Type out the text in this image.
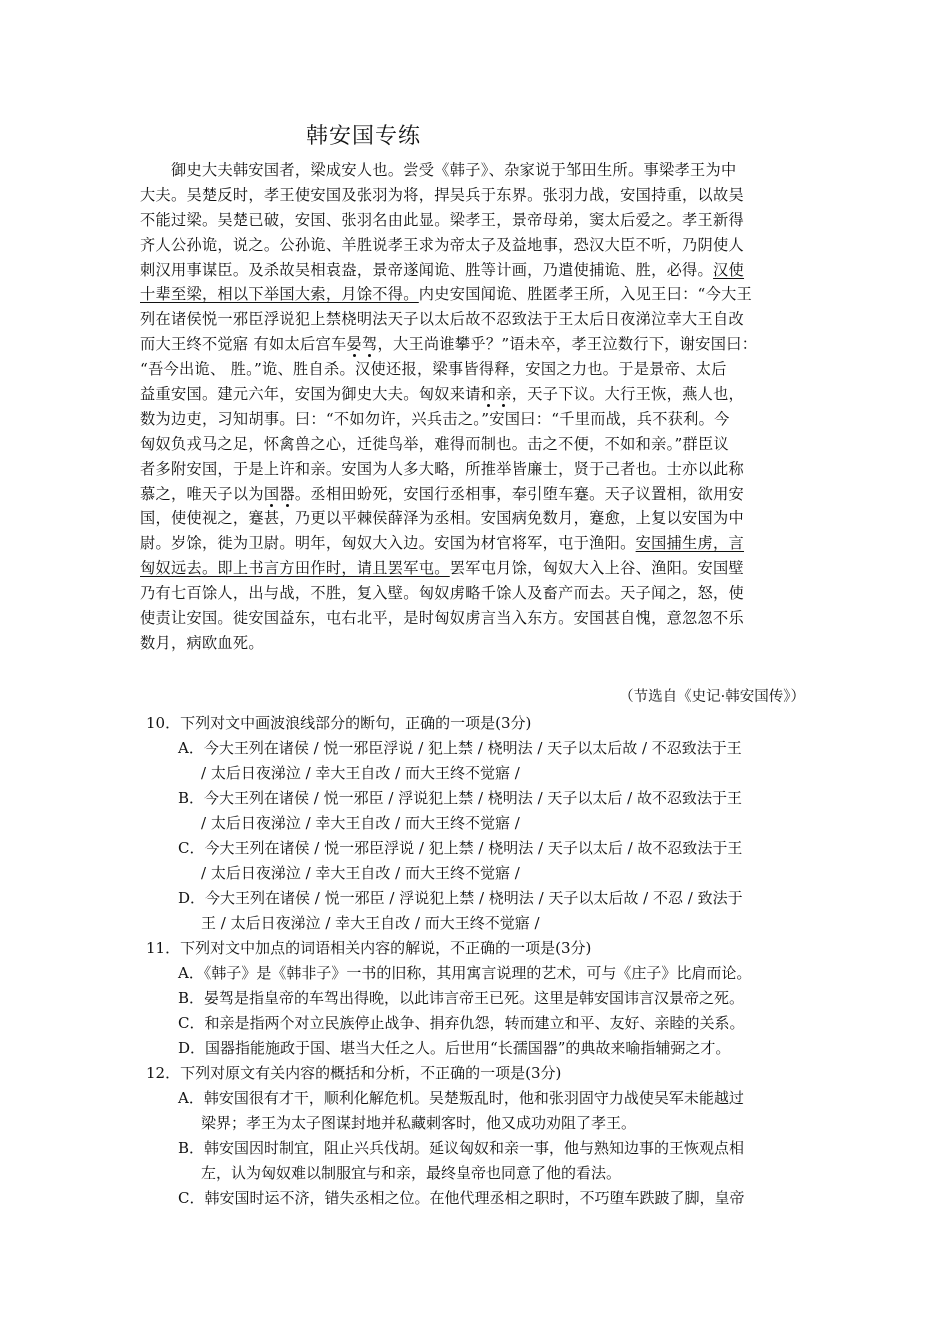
韩安国专练
御史大夫韩安国者，梁成安人也。尝受《韩子》、杂家说于邹田生所。事梁孝王为中
大夫。吴楚反时，孝王使安国及张羽为将，捍吴兵于东界。张羽力战，安国持重，以故吴
不能过梁。吴楚已破，安国、张羽名由此显。梁孝王，景帝母弟，窦太后爱之。孝王新得
齐人公孙诡，说之。公孙诡、羊胜说孝王求为帝太子及益地事，恐汉大臣不听，乃阴使人
刺汉用事谋臣。及杀故吴相袁盎，景帝遂闻诡、胜等计画，乃遣使捕诡、胜，必得。汉使
十辈至梁，相以下举国大索，月馀不得。内史安国闻诡、胜匿孝王所，入见王曰：“今大王
列在诸侯悦一邪臣浮说犯上禁桡明法天子以太后故不忍致法于王太后日夜涕泣幸大王自改
而大王终不觉寤 有如太后宫车晏驾，大王尚谁攀乎？”语未卒，孝王泣数行下，谢安国曰：
“吾今出诡、 胜。”诡、胜自杀。汉使还报，梁事皆得释，安国之力也。于是景帝、太后
益重安国。建元六年，安国为御史大夫。匈奴来请和亲，天子下议。大行王恢，燕人也，
数为边吏，习知胡事。曰：“不如勿许，兴兵击之。”安国曰：“千里而战，兵不获利。今
匈奴负戎马之足，怀禽兽之心，迁徙鸟举，难得而制也。击之不便，不如和亲。”群臣议
者多附安国，于是上许和亲。安国为人多大略，所推举皆廉士，贤于己者也。士亦以此称
慕之，唯天子以为国器。丞相田蚡死，安国行丞相事，奉引堕车蹇。天子议置相，欲用安
国，使使视之，蹇甚，乃更以平棘侯薛泽为丞相。安国病免数月，蹇愈，上复以安国为中
尉。岁馀，徙为卫尉。明年，匈奴大入边。安国为材官将军，屯于渔阳。安国捕生虏，言
匈奴远去。即上书言方田作时，请且罢军屯。罢军屯月馀，匈奴大入上谷、渔阳。安国壁
乃有七百馀人，出与战，不胜，复入壁。匈奴虏略千馀人及畜产而去。天子闻之，怒，使
使责让安国。徙安国益东，屯右北平，是时匈奴虏言当入东方。安国甚自愧，意忽忽不乐
数月，病欧血死。
（节选自《史记·韩安国传》）
10．下列对文中画波浪线部分的断句，正确的一项是(3分)
A．今大王列在诸侯 / 悦一邪臣浮说 / 犯上禁 / 桡明法 / 天子以太后故 / 不忍致法于王
/ 太后日夜涕泣 / 幸大王自改 / 而大王终不觉寤 /
B．今大王列在诸侯 / 悦一邪臣 / 浮说犯上禁 / 桡明法 / 天子以太后 / 故不忍致法于王
/ 太后日夜涕泣 / 幸大王自改 / 而大王终不觉寤 /
C．今大王列在诸侯 / 悦一邪臣浮说 / 犯上禁 / 桡明法 / 天子以太后 / 故不忍致法于王
/ 太后日夜涕泣 / 幸大王自改 / 而大王终不觉寤 /
D．今大王列在诸侯 / 悦一邪臣 / 浮说犯上禁 / 桡明法 / 天子以太后故 / 不忍 / 致法于
王 / 太后日夜涕泣 / 幸大王自改 / 而大王终不觉寤 /
11．下列对文中加点的词语相关内容的解说，不正确的一项是(3分)
A．《韩子》是《韩非子》一书的旧称，其用寓言说理的艺术，可与《庄子》比肩而论。
B．晏驾是指皇帝的车驾出得晚，以此讳言帝王已死。这里是韩安国讳言汉景帝之死。
C．和亲是指两个对立民族停止战争、捐弃仇怨，转而建立和平、友好、亲睦的关系。
D．国器指能施政于国、堪当大任之人。后世用“长孺国器”的典故来喻指辅弼之才。
12．下列对原文有关内容的概括和分析，不正确的一项是(3分)
A．韩安国很有才干，顺利化解危机。吴楚叛乱时，他和张羽固守力战使吴军未能越过
梁界；孝王为太子图谋封地并私藏刺客时，他又成功劝阻了孝王。
B．韩安国因时制宜，阻止兴兵伐胡。延议匈奴和亲一事，他与熟知边事的王恢观点相
左，认为匈奴难以制服宜与和亲，最终皇帝也同意了他的看法。
C．韩安国时运不济，错失丞相之位。在他代理丞相之职时，不巧堕车跌跛了脚，皇帝
